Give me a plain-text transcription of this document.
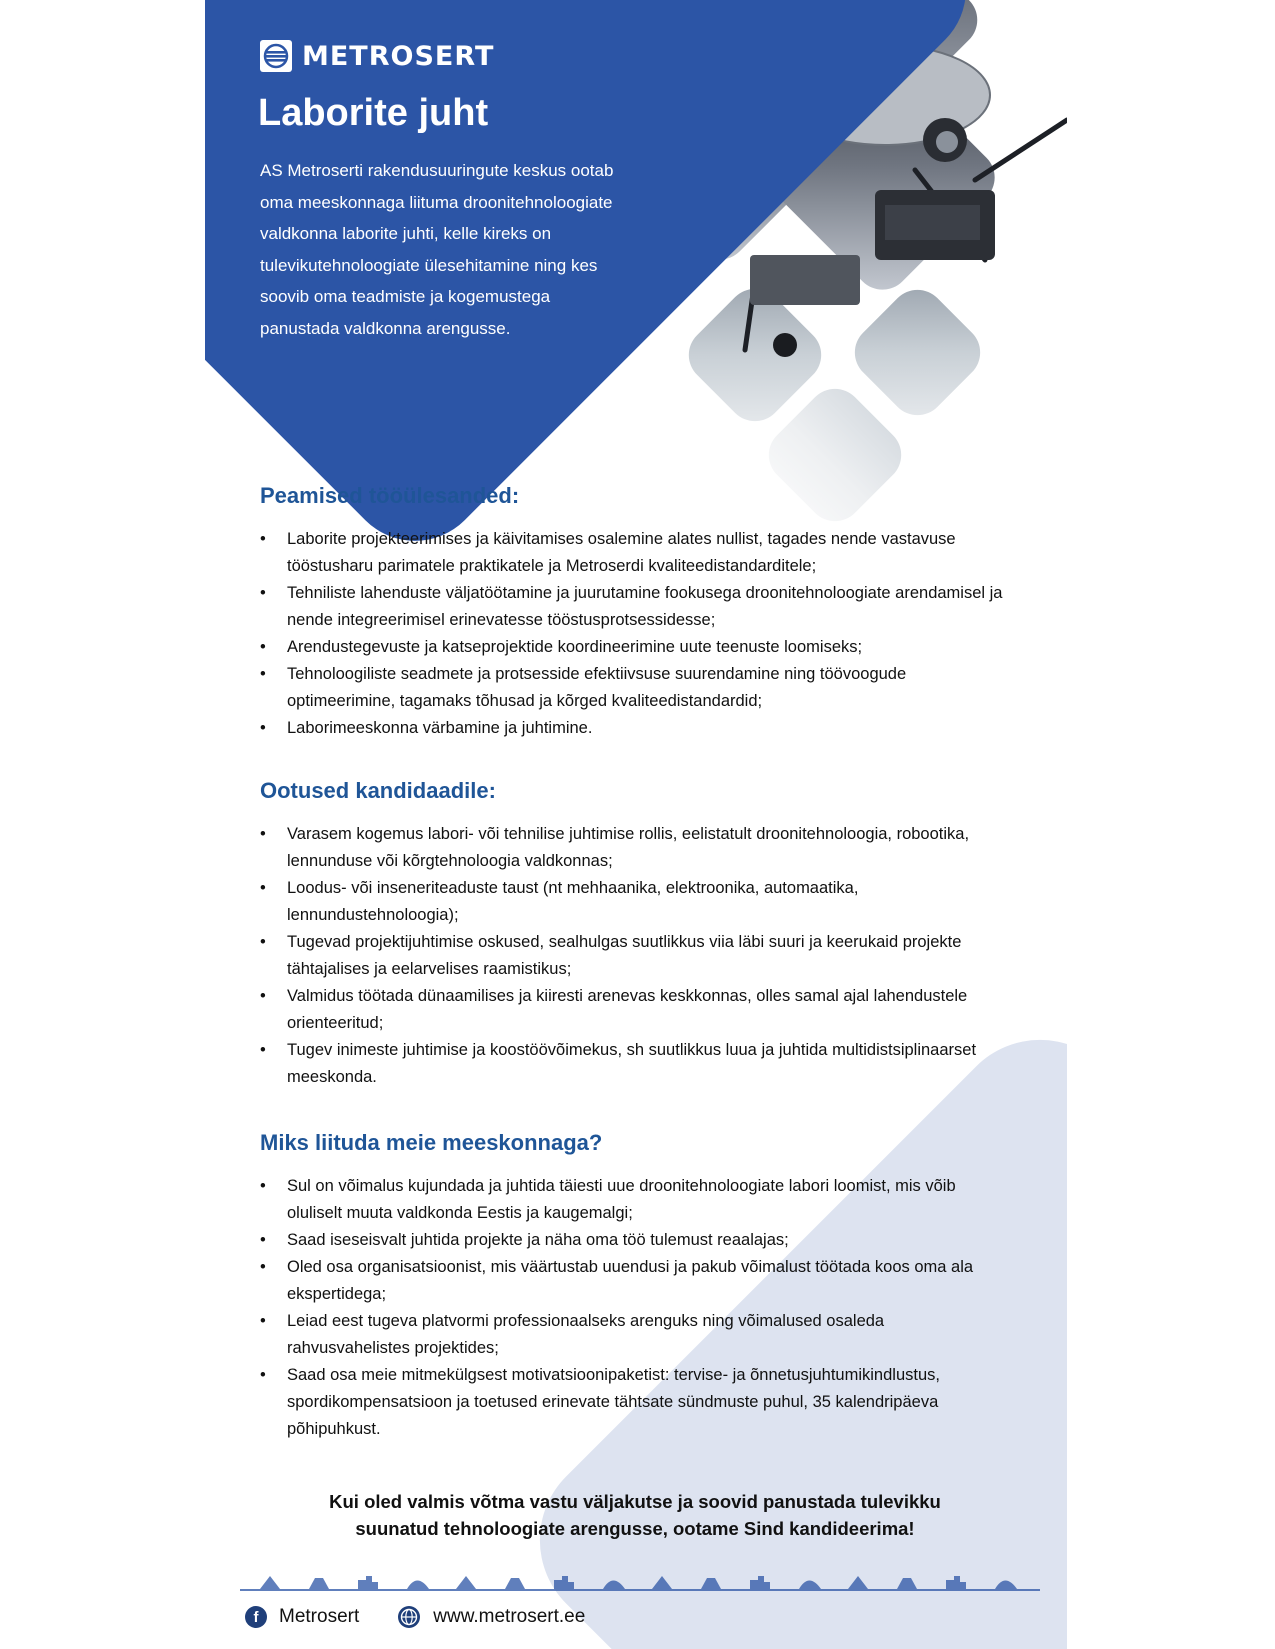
METROSERT
Laborite juht

AS Metroserti rakendusuuringute keskus ootab oma meeskonnaga liituma droonitehnoloogiate valdkonna laborite juhti, kelle kireks on tulevikutehnoloogiate ülesehitamine ning kes soovib oma teadmiste ja kogemustega panustada valdkonna arengusse.

Peamised tööülesanded:
• Laborite projekteerimises ja käivitamises osalemine alates nullist, tagades nende vastavuse tööstusharu parimatele praktikatele ja Metroserdi kvaliteedistandarditele;
• Tehniliste lahenduste väljatöötamine ja juurutamine fookusega droonitehnoloogiate arendamisel ja nende integreerimisel erinevatesse tööstusprotsessidesse;
• Arendustegevuste ja katseprojektide koordineerimine uute teenuste loomiseks;
• Tehnoloogiliste seadmete ja protsesside efektiivsuse suurendamine ning töövoogude optimeerimine, tagamaks tõhusad ja kõrged kvaliteedistandardid;
• Laborimeeskonna värbamine ja juhtimine.
Ootused kandidaadile:
• Varasem kogemus labori- või tehnilise juhtimise rollis, eelistatult droonitehnoloogia, robootika, lennunduse või kõrgtehnoloogia valdkonnas;
• Loodus- või inseneriteaduste taust (nt mehhaanika, elektroonika, automaatika, lennundustehnoloogia);
• Tugevad projektijuhtimise oskused, sealhulgas suutlikkus viia läbi suuri ja keerukaid projekte tähtajalises ja eelarvelises raamistikus;
• Valmidus töötada dünaamilises ja kiiresti arenevas keskkonnas, olles samal ajal lahendustele orienteeritud;
• Tugev inimeste juhtimise ja koostöövõimekus, sh suutlikkus luua ja juhtida multidistsiplinaarset meeskonda.
Miks liituda meie meeskonnaga?
• Sul on võimalus kujundada ja juhtida täiesti uue droonitehnoloogiate labori loomist, mis võib oluliselt muuta valdkonda Eestis ja kaugemalgi;
• Saad iseseisvalt juhtida projekte ja näha oma töö tulemust reaalajas;
• Oled osa organisatsioonist, mis väärtustab uuendusi ja pakub võimalust töötada koos oma ala ekspertidega;
• Leiad eest tugeva platvormi professionaalseks arenguks ning võimalused osaleda rahvusvahelistes projektides;
• Saad osa meie mitmekülgsest motivatsioonipaketist: tervise- ja õnnetusjuhtumikindlustus, spordikompensatsioon ja toetused erinevate tähtsate sündmuste puhul, 35 kalendripäeva põhipuhkust.

Kui oled valmis võtma vastu väljakutse ja soovid panustada tulevikku
suunatud tehnoloogiate arengusse, ootame Sind kandideerima!

f	Metrosert	www.metrosert.ee
